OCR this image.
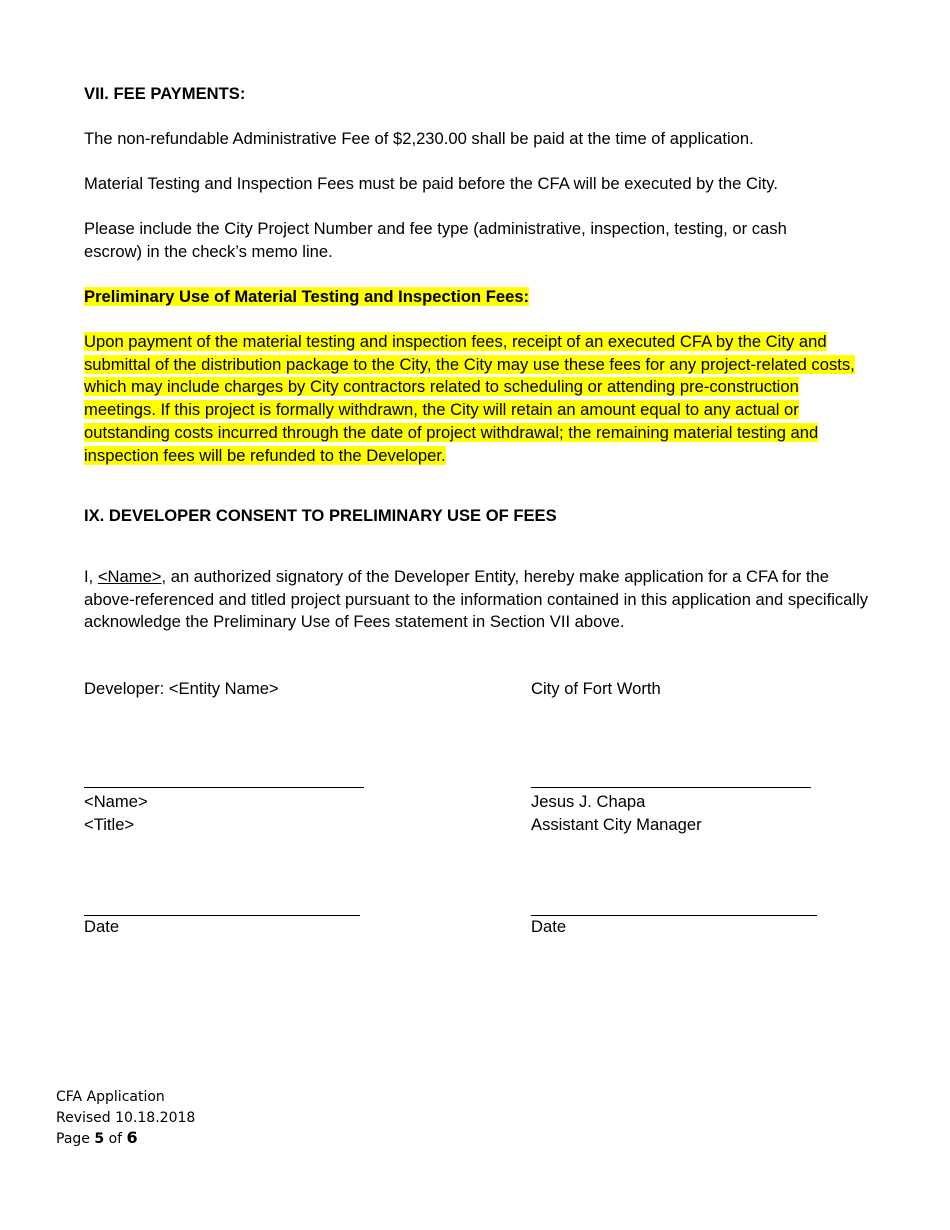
VII. FEE PAYMENTS:
The non-refundable Administrative Fee of $2,230.00 shall be paid at the time of application.
Material Testing and Inspection Fees must be paid before the CFA will be executed by the City.
Please include the City Project Number and fee type (administrative, inspection, testing, or cash escrow) in the check’s memo line.
Preliminary Use of Material Testing and Inspection Fees:
Upon payment of the material testing and inspection fees, receipt of an executed CFA by the City and submittal of the distribution package to the City, the City may use these fees for any project-related costs, which may include charges by City contractors related to scheduling or attending pre-construction meetings. If this project is formally withdrawn, the City will retain an amount equal to any actual or outstanding costs incurred through the date of project withdrawal; the remaining material testing and inspection fees will be refunded to the Developer.
IX. DEVELOPER CONSENT TO PRELIMINARY USE OF FEES
I, <Name>, an authorized signatory of the Developer Entity, hereby make application for a CFA for the above-referenced and titled project pursuant to the information contained in this application and specifically acknowledge the Preliminary Use of Fees statement in Section VII above.
Developer: <Entity Name>	City of Fort Worth
<Name>
<Title>
Jesus J. Chapa
Assistant City Manager
Date	Date
CFA Application
Revised 10.18.2018
Page 5 of 6
